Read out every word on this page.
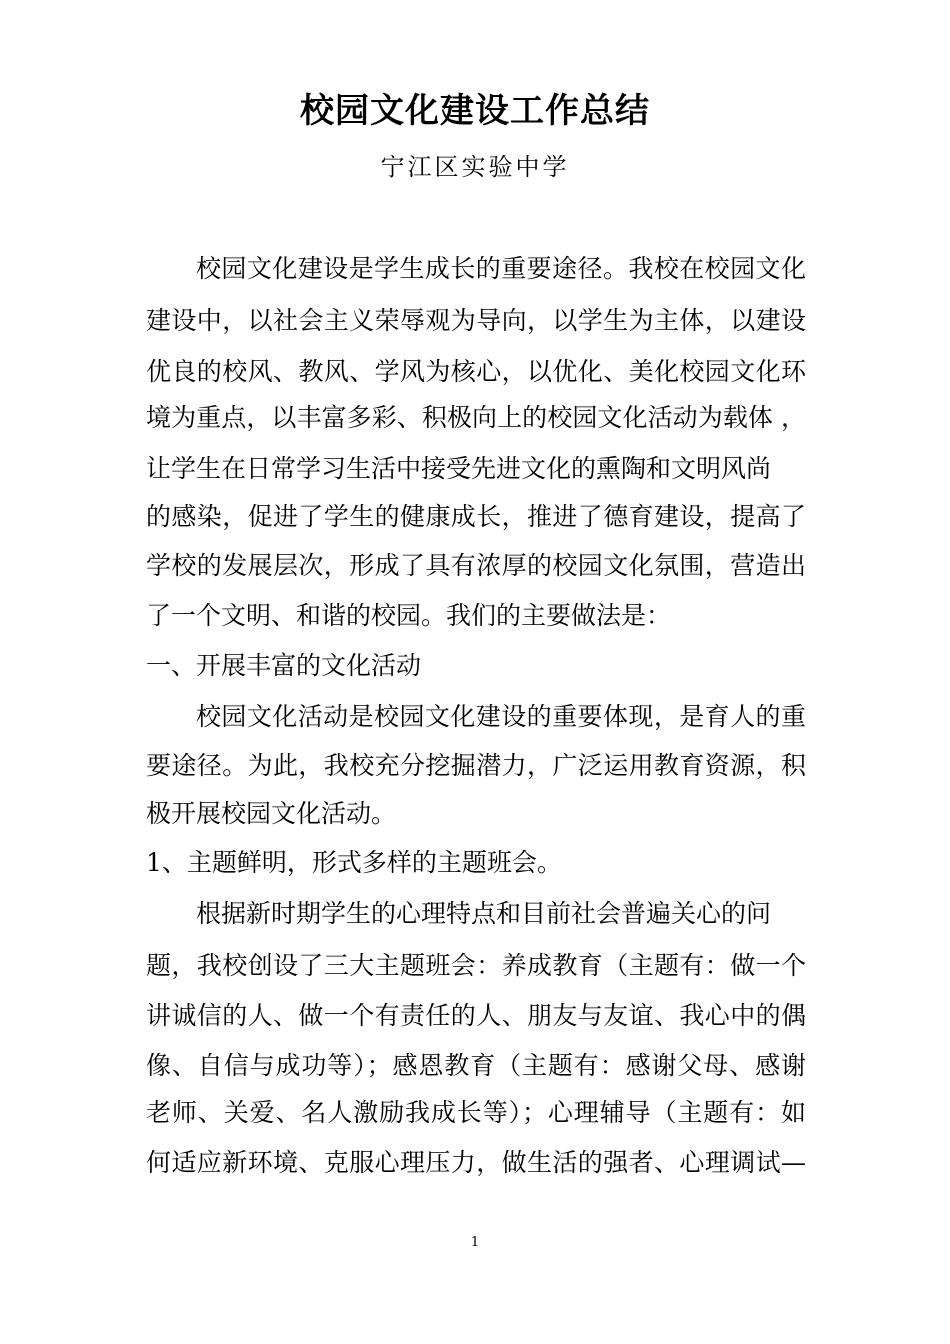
校园文化建设工作总结
宁江区实验中学
校园文化建设是学生成长的重要途径。我校在校园文化
建设中，以社会主义荣辱观为导向，以学生为主体，以建设
优良的校风、教风、学风为核心，以优化、美化校园文化环
境为重点，以丰富多彩、积极向上的校园文化活动为载体 ，
让学生在日常学习生活中接受先进文化的熏陶和文明风尚
的感染，促进了学生的健康成长，推进了德育建设，提高了
学校的发展层次，形成了具有浓厚的校园文化氛围，营造出
了一个文明、和谐的校园。我们的主要做法是：
一、开展丰富的文化活动
校园文化活动是校园文化建设的重要体现，是育人的重
要途径。为此，我校充分挖掘潜力，广泛运用教育资源，积
极开展校园文化活动。
1、主题鲜明，形式多样的主题班会。
根据新时期学生的心理特点和目前社会普遍关心的问
题，我校创设了三大主题班会：养成教育（主题有：做一个
讲诚信的人、做一个有责任的人、朋友与友谊、我心中的偶
像、自信与成功等）；感恩教育（主题有：感谢父母、感谢
老师、关爱、名人激励我成长等）；心理辅导（主题有：如
何适应新环境、克服心理压力，做生活的强者、心理调试—
1
